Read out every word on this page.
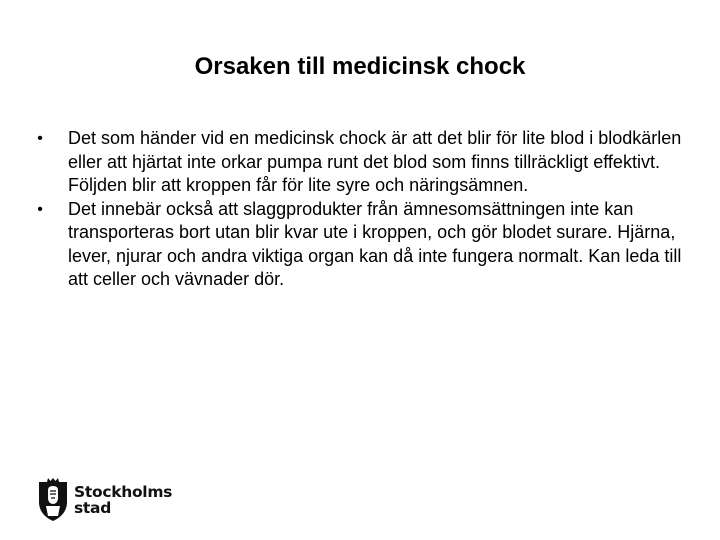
Orsaken till medicinsk chock
• Det som händer vid en medicinsk chock är att det blir för lite blod i blodkärlen eller att hjärtat inte orkar pumpa runt det blod som finns tillräckligt effektivt. Följden blir att kroppen får för lite syre och näringsämnen.
• Det innebär också att slaggprodukter från ämnesomsättningen inte kan transporteras bort utan blir kvar ute i kroppen, och gör blodet surare. Hjärna, lever, njurar och andra viktiga organ kan då inte fungera normalt. Kan leda till att celler och vävnader dör.
Stockholms
stad
